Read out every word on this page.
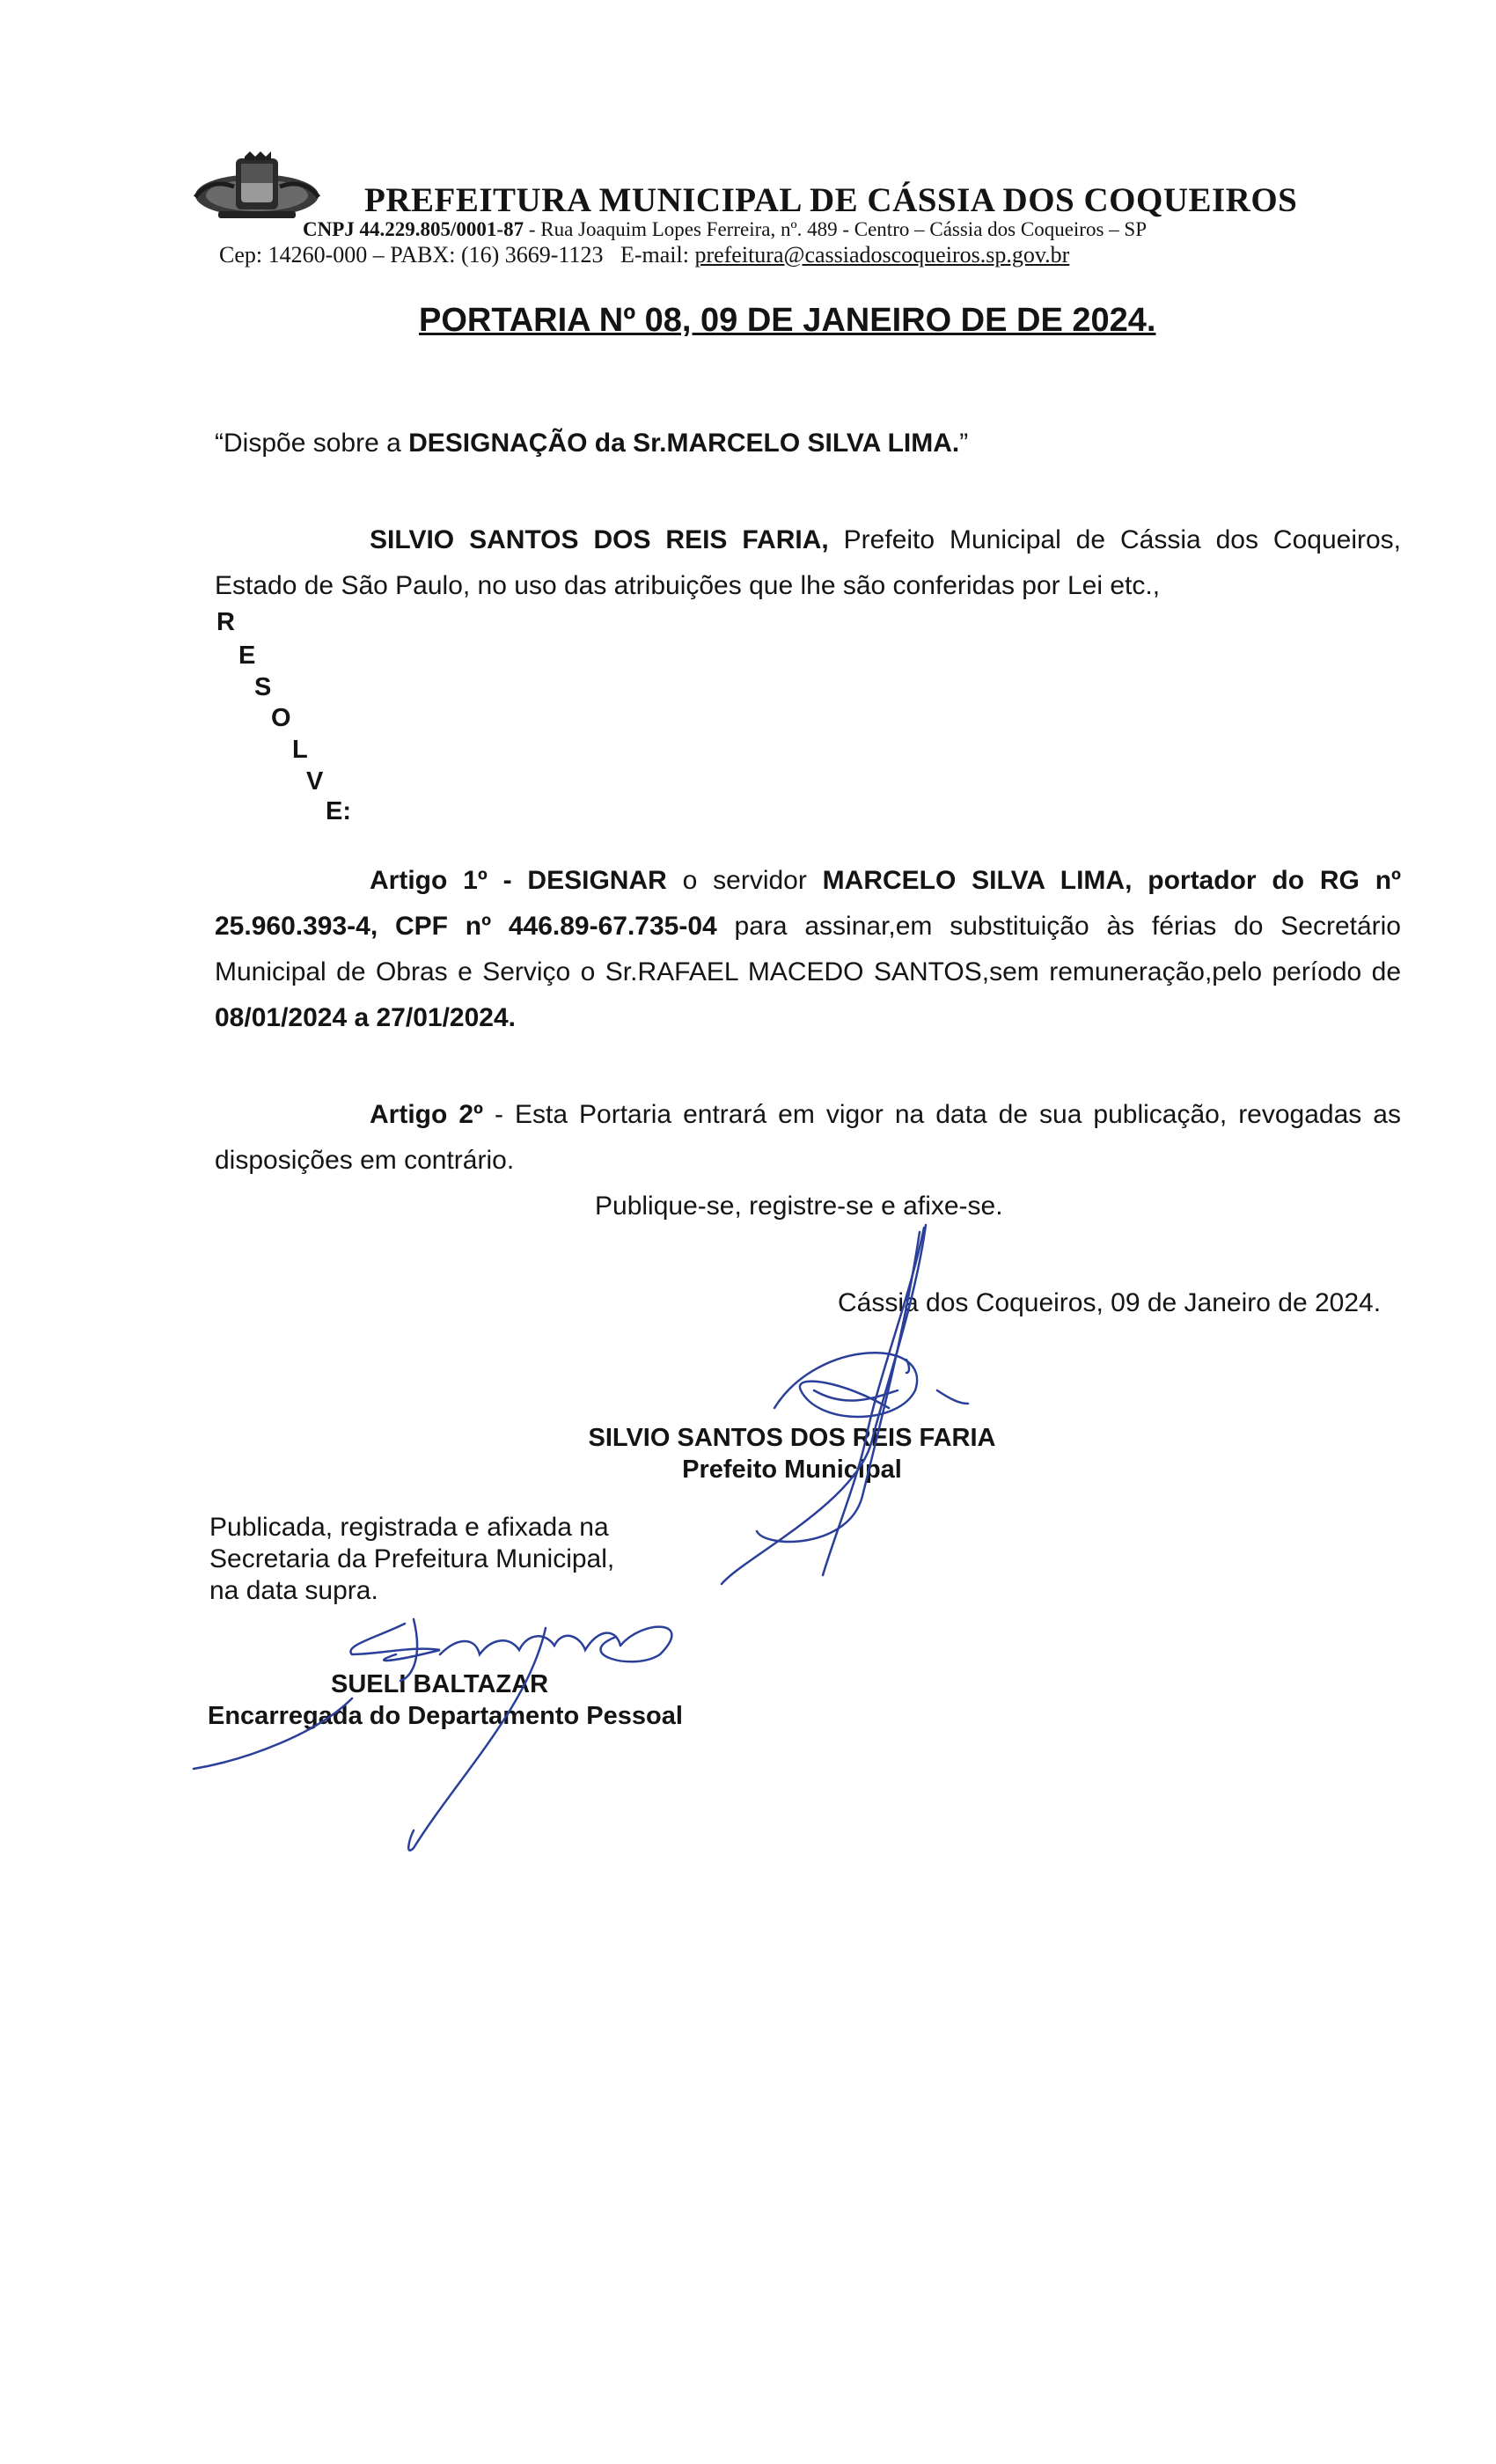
PREFEITURA MUNICIPAL DE CÁSSIA DOS COQUEIROS
CNPJ 44.229.805/0001-87 - Rua Joaquim Lopes Ferreira, nº. 489 - Centro – Cássia dos Coqueiros – SP
Cep: 14260-000 – PABX: (16) 3669-1123 E-mail: prefeitura@cassiadoscoqueiros.sp.gov.br
PORTARIA Nº 08, 09 DE JANEIRO DE DE 2024.
“Dispõe sobre a DESIGNAÇÃO da Sr.MARCELO SILVA LIMA.”
SILVIO SANTOS DOS REIS FARIA, Prefeito Municipal de Cássia dos Coqueiros, Estado de São Paulo, no uso das atribuições que lhe são conferidas por Lei etc.,
R
E
S
O
L
V
E:
Artigo 1º - DESIGNAR o servidor MARCELO SILVA LIMA, portador do RG nº 25.960.393-4, CPF nº 446.89-67.735-04 para assinar,em substituição às férias do Secretário Municipal de Obras e Serviço o Sr.RAFAEL MACEDO SANTOS,sem remuneração,pelo período de 08/01/2024 a 27/01/2024.
Artigo 2º - Esta Portaria entrará em vigor na data de sua publicação, revogadas as disposições em contrário.
Publique-se, registre-se e afixe-se.
Cássia dos Coqueiros, 09 de Janeiro de 2024.
SILVIO SANTOS DOS REIS FARIA
Prefeito Municipal
Publicada, registrada e afixada na
Secretaria da Prefeitura Municipal,
na data supra.
SUELI BALTAZAR
Encarregada do Departamento Pessoal
